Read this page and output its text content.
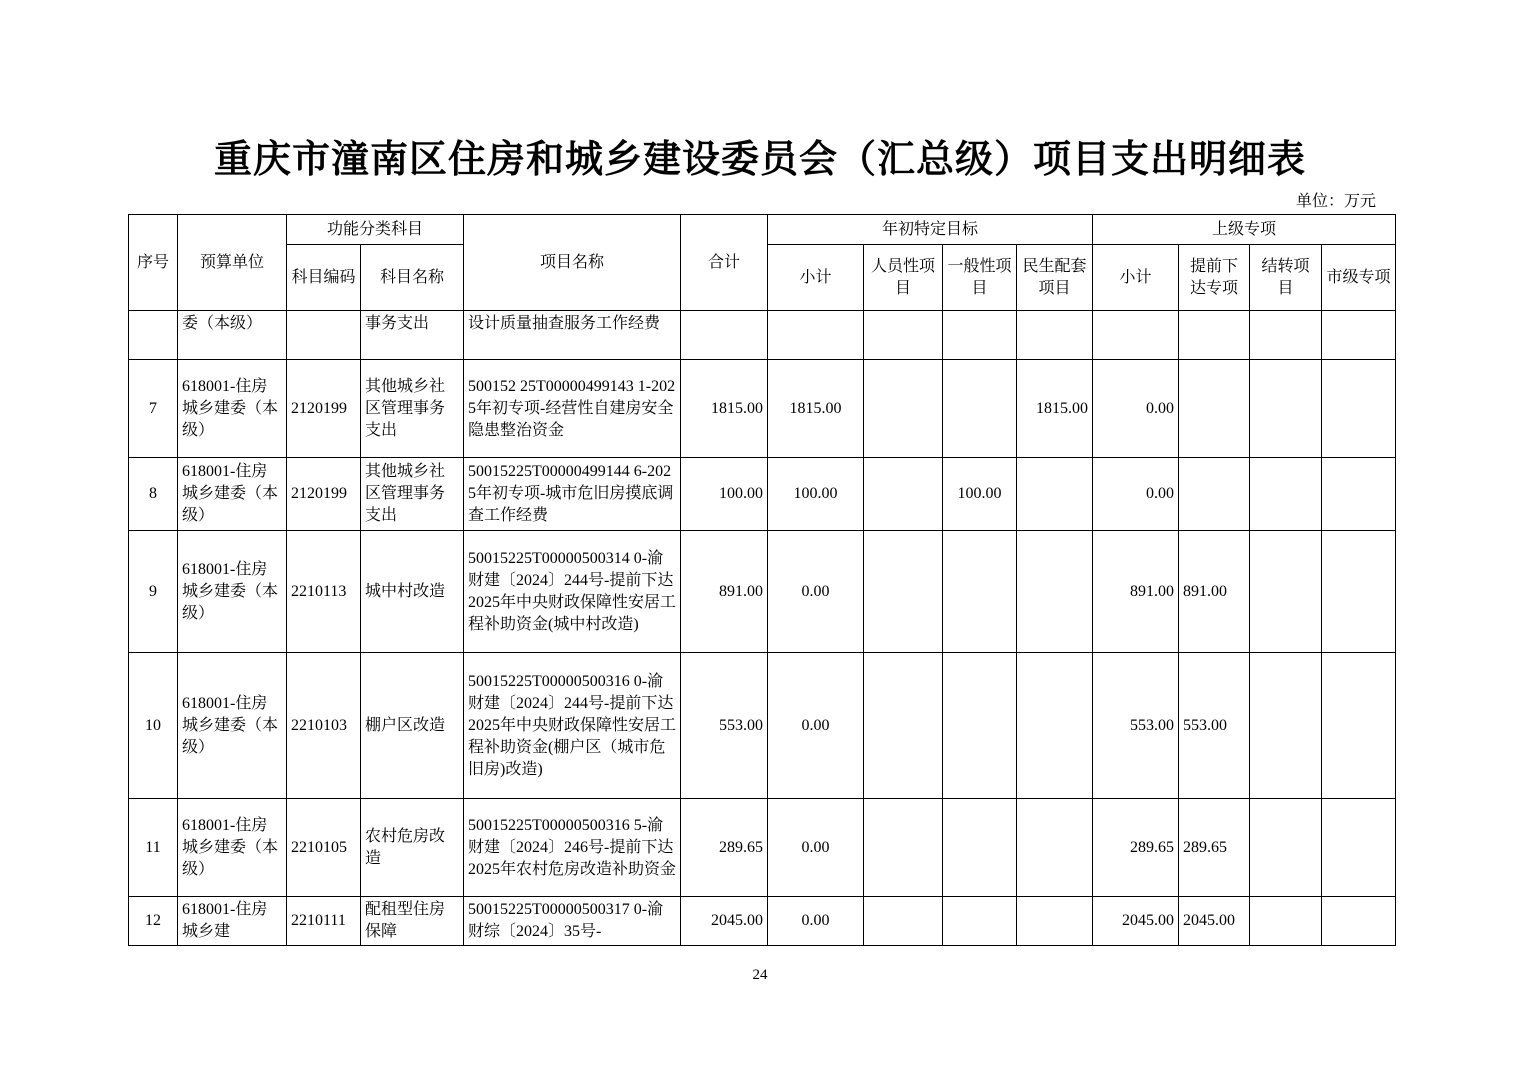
重庆市潼南区住房和城乡建设委员会（汇总级）项目支出明细表
单位：万元
序号	预算单位	功能分类科目		项目名称	合计	年初特定目标				上级专项			
		科目编码	科目名称			小计	人员性项目	一般性项目	民生配套项目	小计	提前下达专项	结转项目	市级专项
	委（本级）		事务支出	设计质量抽查服务工作经费									
7	618001-住房城乡建委（本级）	2120199	其他城乡社区管理事务支出	500152 25T00000499143 1-2025年初专项-经营性自建房安全隐患整治资金	1815.00	1815.00			1815.00	0.00			
8	618001-住房城乡建委（本级）	2120199	其他城乡社区管理事务支出	50015225T00000499144 6-2025年初专项-城市危旧房摸底调查工作经费	100.00	100.00		100.00		0.00			
9	618001-住房城乡建委（本级）	2210113	城中村改造	50015225T00000500314 0-渝财建〔2024〕244号-提前下达2025年中央财政保障性安居工程补助资金(城中村改造)	891.00	0.00				891.00	891.00		
10	618001-住房城乡建委（本级）	2210103	棚户区改造	50015225T00000500316 0-渝财建〔2024〕244号-提前下达2025年中央财政保障性安居工程补助资金(棚户区（城市危旧房)改造)	553.00	0.00				553.00	553.00		
11	618001-住房城乡建委（本级）	2210105	农村危房改造	50015225T00000500316 5-渝财建〔2024〕246号-提前下达2025年农村危房改造补助资金	289.65	0.00				289.65	289.65		
12	618001-住房城乡建	2210111	配租型住房保障	50015225T00000500317 0-渝财综〔2024〕35号-	2045.00	0.00				2045.00	2045.00		
24
